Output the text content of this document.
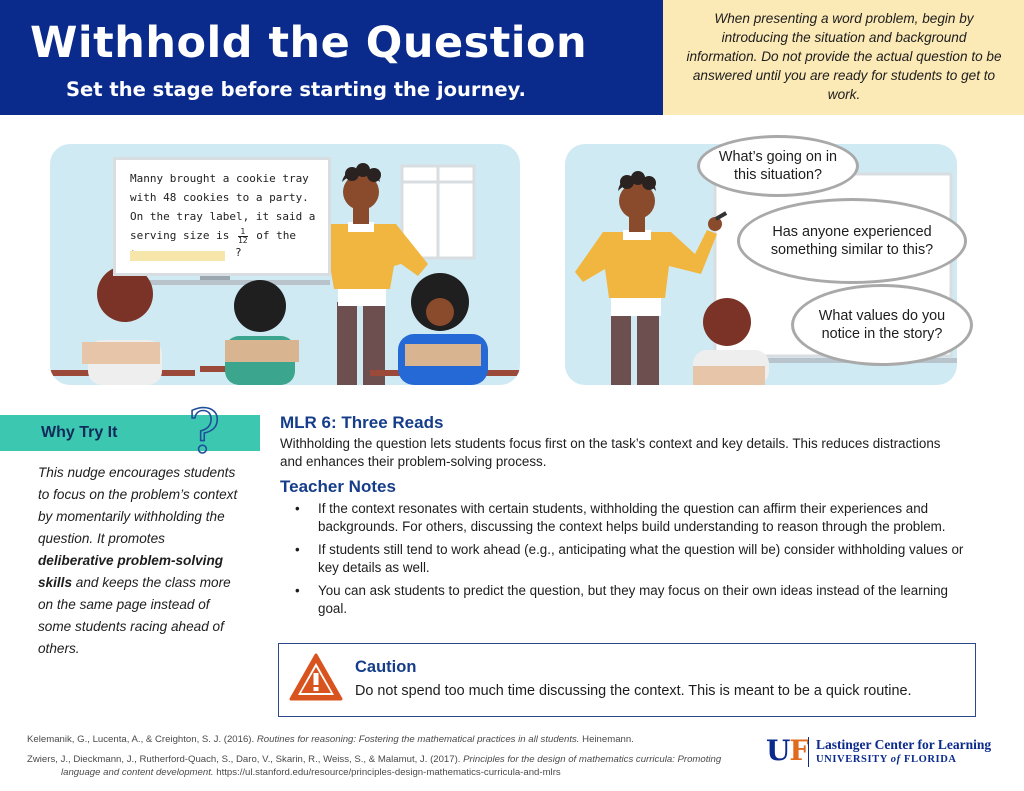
Withhold the Question

Set the stage before starting the journey.

When presenting a word problem, begin by introducing the situation and background information. Do not provide the actual question to be answered until you are ready for students to get to work.

Manny brought a cookie tray with 48 cookies to a party. On the tray label, it said a serving size is $\frac{1}{12}$ of the

?
What’s going on in this situation?
Has anyone experienced something similar to this?
What values do you notice in the story?
Why Try It ?

This nudge encourages students to focus on the problem’s context by momentarily withholding the question. It promotes deliberative problem-solving skills and keeps the class more on the same page instead of some students racing ahead of others.

MLR 6: Three Reads

Withholding the question lets students focus first on the task’s context and key details. This reduces distractions and enhances their problem-solving process.

Teacher Notes
• If the context resonates with certain students, withholding the question can affirm their experiences and backgrounds. For others, discussing the context helps build understanding to reason through the problem.
• If students still tend to work ahead (e.g., anticipating what the question will be) consider withholding values or key details as well.
• You can ask students to predict the question, but they may focus on their own ideas instead of the learning goal.
Caution

Do not spend too much time discussing the context. This is meant to be a quick routine.

Kelemanik, G., Lucenta, A., & Creighton, S. J. (2016). Routines for reasoning: Fostering the mathematical practices in all students. Heinemann.

Zwiers, J., Dieckmann, J., Rutherford-Quach, S., Daro, V., Skarin, R., Weiss, S., & Malamut, J. (2017). Principles for the design of mathematics curricula: Promoting language and content development. https://ul.stanford.edu/resource/principles-design-mathematics-curricula-and-mlrs

UF Lastinger Center for Learning
UNIVERSITY of FLORIDA
